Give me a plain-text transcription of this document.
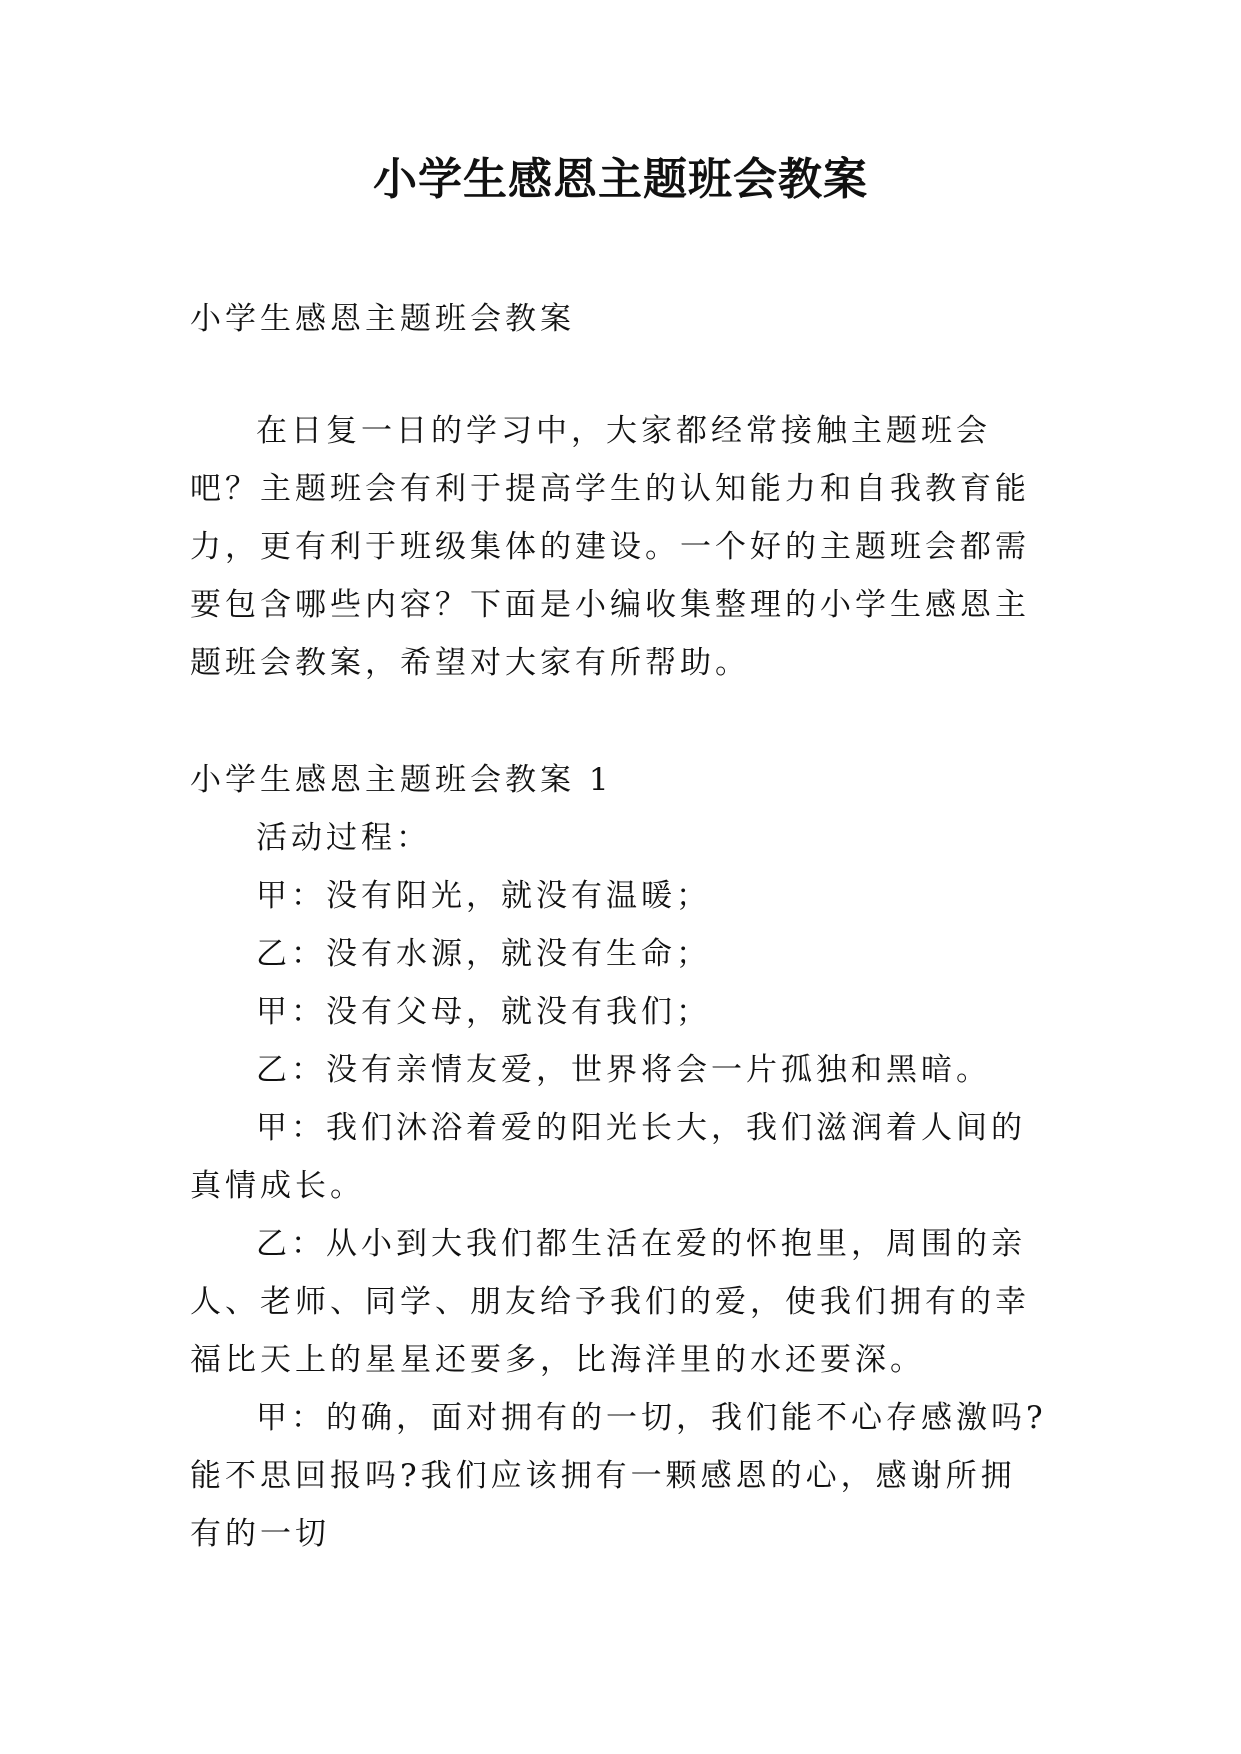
小学生感恩主题班会教案

小学生感恩主题班会教案

在日复一日的学习中，大家都经常接触主题班会吧？主题班会有利于提高学生的认知能力和自我教育能力，更有利于班级集体的建设。一个好的主题班会都需要包含哪些内容？下面是小编收集整理的小学生感恩主题班会教案，希望对大家有所帮助。

小学生感恩主题班会教案 1

活动过程：

甲：没有阳光，就没有温暖；

乙：没有水源，就没有生命；

甲：没有父母，就没有我们；

乙：没有亲情友爱，世界将会一片孤独和黑暗。

甲：我们沐浴着爱的阳光长大，我们滋润着人间的真情成长。

乙：从小到大我们都生活在爱的怀抱里，周围的亲人、老师、同学、朋友给予我们的爱，使我们拥有的幸福比天上的星星还要多，比海洋里的水还要深。

甲：的确，面对拥有的一切，我们能不心存感激吗?能不思回报吗?我们应该拥有一颗感恩的心，感谢所拥有的一切
